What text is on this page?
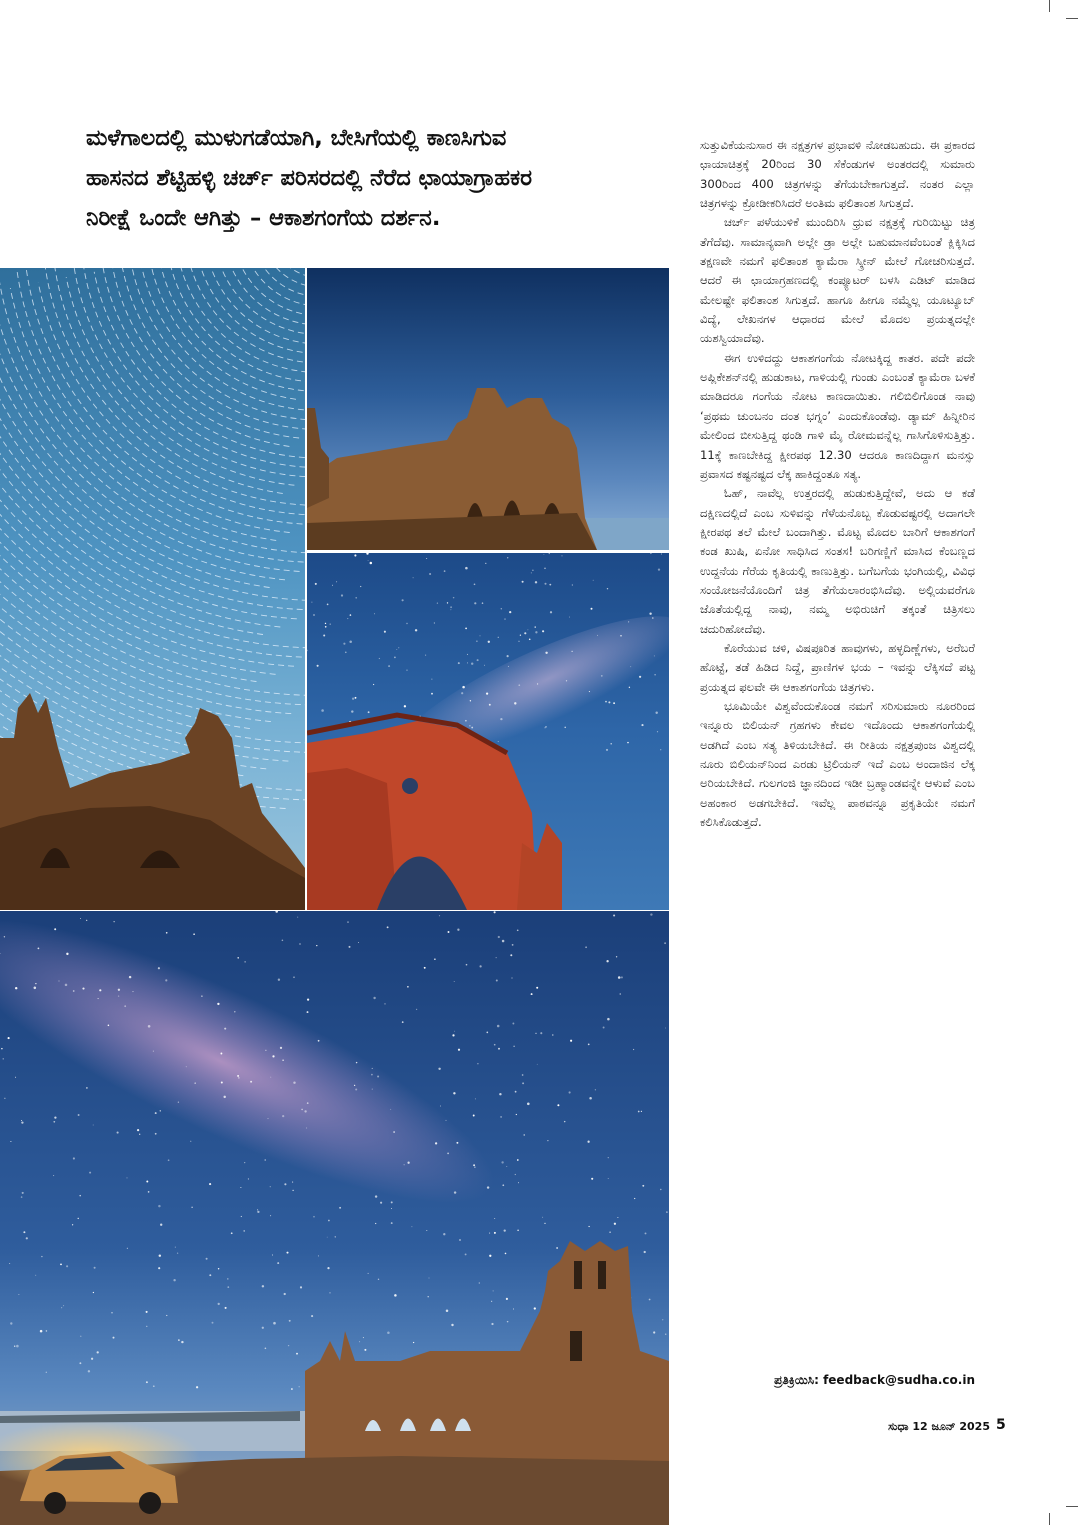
ಮಳೆಗಾಲದಲ್ಲಿ ಮುಳುಗಡೆಯಾಗಿ, ಬೇಸಿಗೆಯಲ್ಲಿ ಕಾಣಸಿಗುವ
ಹಾಸನದ ಶೆಟ್ಟಿಹಳ್ಳಿ ಚರ್ಚ್ ಪರಿಸರದಲ್ಲಿ ನೆರೆದ ಛಾಯಾಗ್ರಾಹಕರ
ನಿರೀಕ್ಷೆ ಒಂದೇ ಆಗಿತ್ತು – ಆಕಾಶಗಂಗೆಯ ದರ್ಶನ.

ಸುತ್ತುವಿಕೆಯನುಸಾರ ಈ ನಕ್ಷತ್ರಗಳ ಪ್ರಭಾವಳಿ ನೋಡಬಹುದು. ಈ ಪ್ರಕಾರದ ಛಾಯಾಚಿತ್ರಕ್ಕೆ 20ರಿಂದ 30 ಸೆಕೆಂಡುಗಳ ಅಂತರದಲ್ಲಿ ಸುಮಾರು 300ರಿಂದ 400 ಚಿತ್ರಗಳನ್ನು ತೆಗೆಯಬೇಕಾಗುತ್ತದೆ. ನಂತರ ಎಲ್ಲಾ ಚಿತ್ರಗಳನ್ನು ಕ್ರೋಡೀಕರಿಸಿದರೆ ಅಂತಿಮ ಫಲಿತಾಂಶ ಸಿಗುತ್ತದೆ.

ಚರ್ಚ್ ಪಳೆಯುಳಿಕೆ ಮುಂದಿರಿಸಿ ಧ್ರುವ ನಕ್ಷತ್ರಕ್ಕೆ ಗುರಿಯಿಟ್ಟು ಚಿತ್ರ ತೆಗೆದೆವು. ಸಾಮಾನ್ಯವಾಗಿ ಅಲ್ಲೇ ಡ್ರಾ ಅಲ್ಲೇ ಬಹುಮಾನವೆಂಬಂತೆ ಕ್ಲಿಕ್ಕಿಸಿದ ತಕ್ಷಣವೇ ನಮಗೆ ಫಲಿತಾಂಶ ಕ್ಯಾಮೆರಾ ಸ್ಕ್ರೀನ್ ಮೇಲೆ ಗೋಚರಿಸುತ್ತದೆ. ಆದರೆ ಈ ಛಾಯಾಗ್ರಹಣದಲ್ಲಿ ಕಂಪ್ಯೂಟರ್ ಬಳಸಿ ಎಡಿಟ್ ಮಾಡಿದ ಮೇಲಷ್ಟೇ ಫಲಿತಾಂಶ ಸಿಗುತ್ತದೆ. ಹಾಗೂ ಹೀಗೂ ನಮ್ಮೆಲ್ಲ ಯೂಟ್ಯೂಬ್ ವಿದ್ಯೆ, ಲೇಖನಗಳ ಆಧಾರದ ಮೇಲೆ ಮೊದಲ ಪ್ರಯತ್ನದಲ್ಲೇ ಯಶಸ್ವಿಯಾದೆವು.

ಈಗ ಉಳಿದದ್ದು ಆಕಾಶಗಂಗೆಯ ನೋಟಕ್ಕಿದ್ದ ಕಾತರ. ಪದೇ ಪದೇ ಅಪ್ಲಿಕೇಶನ್‌ನಲ್ಲಿ ಹುಡುಕಾಟ, ಗಾಳಿಯಲ್ಲಿ ಗುಂಡು ಎಂಬಂತೆ ಕ್ಯಾಮೆರಾ ಬಳಕೆ ಮಾಡಿದರೂ ಗಂಗೆಯ ನೋಟ ಕಾಣದಾಯಿತು. ಗಲಿಬಿಲಿಗೊಂಡ ನಾವು ‘ಪ್ರಥಮ ಚುಂಬನಂ ದಂತ ಭಗ್ನಂ’ ಎಂದುಕೊಂಡೆವು. ಡ್ಯಾಮ್ ಹಿನ್ನೀರಿನ ಮೇಲಿಂದ ಬೀಸುತ್ತಿದ್ದ ಥಂಡಿ ಗಾಳಿ ಮೈ ರೋಮವನ್ನೆಲ್ಲ ಗಾಸಿಗೊಳಿಸುತ್ತಿತ್ತು. 11ಕ್ಕೆ ಕಾಣಬೇಕಿದ್ದ ಕ್ಷೀರಪಥ 12.30 ಆದರೂ ಕಾಣದಿದ್ದಾಗ ಮನಸ್ಸು ಪ್ರವಾಸದ ಕಷ್ಟನಷ್ಟದ ಲೆಕ್ಕ ಹಾಕಿದ್ದಂತೂ ಸತ್ಯ.

ಓಹ್, ನಾವೆಲ್ಲ ಉತ್ತರದಲ್ಲಿ ಹುಡುಕುತ್ತಿದ್ದೇವೆ, ಅದು ಆ ಕಡೆ ದಕ್ಷಿಣದಲ್ಲಿದೆ ಎಂಬ ಸುಳಿವನ್ನು ಗೆಳೆಯನೊಬ್ಬ ಕೊಡುವಷ್ಟರಲ್ಲಿ ಅದಾಗಲೇ ಕ್ಷೀರಪಥ ತಲೆ ಮೇಲೆ ಬಂದಾಗಿತ್ತು. ಮೊಟ್ಟ ಮೊದಲ ಬಾರಿಗೆ ಆಕಾಶಗಂಗೆ ಕಂಡ ಖುಷಿ, ಏನೋ ಸಾಧಿಸಿದ ಸಂತಸ! ಬರಿಗಣ್ಣಿಗೆ ಮಾಸಿದ ಕೆಂಬಣ್ಣದ ಉದ್ದನೆಯ ಗೆರೆಯ ಕೃತಿಯಲ್ಲಿ ಕಾಣುತ್ತಿತ್ತು. ಬಗೆಬಗೆಯ ಭಂಗಿಯಲ್ಲಿ, ವಿವಿಧ ಸಂಯೋಜನೆಯೊಂದಿಗೆ ಚಿತ್ರ ತೆಗೆಯಲಾರಂಭಿಸಿದೆವು. ಅಲ್ಲಿಯವರೆಗೂ ಜೊತೆಯಲ್ಲಿದ್ದ ನಾವು, ನಮ್ಮ ಅಭಿರುಚಿಗೆ ತಕ್ಕಂತೆ ಚಿತ್ರಿಸಲು ಚದುರಿಹೋದೆವು.

ಕೊರೆಯುವ ಚಳಿ, ವಿಷಪೂರಿತ ಹಾವುಗಳು, ಹಳ್ಳದಿಣ್ಣೆಗಳು, ಅರೆಬರೆ ಹೊಟ್ಟೆ, ತಡೆ ಹಿಡಿದ ನಿದ್ದೆ, ಪ್ರಾಣಿಗಳ ಭಯ – ಇವನ್ನು ಲೆಕ್ಕಿಸದೆ ಪಟ್ಟ ಪ್ರಯತ್ನದ ಫಲವೇ ಈ ಆಕಾಶಗಂಗೆಯ ಚಿತ್ರಗಳು.

ಭೂಮಿಯೇ ವಿಶ್ವವೆಂದುಕೊಂಡ ನಮಗೆ ಸರಿಸುಮಾರು ನೂರರಿಂದ ಇನ್ನೂರು ಬಿಲಿಯನ್ ಗ್ರಹಗಳು ಕೇವಲ ಇದೊಂದು ಆಕಾಶಗಂಗೆಯಲ್ಲಿ ಅಡಗಿದೆ ಎಂಬ ಸತ್ಯ ತಿಳಿಯಬೇಕಿದೆ. ಈ ರೀತಿಯ ನಕ್ಷತ್ರಪುಂಜ ವಿಶ್ವದಲ್ಲಿ ನೂರು ಬಿಲಿಯನ್‌ನಿಂದ ಎರಡು ಟ್ರಿಲಿಯನ್ ಇದೆ ಎಂಬ ಅಂದಾಜಿನ ಲೆಕ್ಕ ಅರಿಯಬೇಕಿದೆ. ಗುಲಗಂಜಿ ಜ್ಞಾನದಿಂದ ಇಡೀ ಬ್ರಹ್ಮಾಂಡವನ್ನೇ ಆಳುವೆ ಎಂಬ ಅಹಂಕಾರ ಅಡಗಬೇಕಿದೆ. ಇವೆಲ್ಲ ಪಾಠವನ್ನೂ ಪ್ರಕೃತಿಯೇ ನಮಗೆ ಕಲಿಸಿಕೊಡುತ್ತದೆ.

ಪ್ರತಿಕ್ರಿಯಿಸಿ: feedback@sudha.co.in
ಸುಧಾ 12 ಜೂನ್ 2025 5
